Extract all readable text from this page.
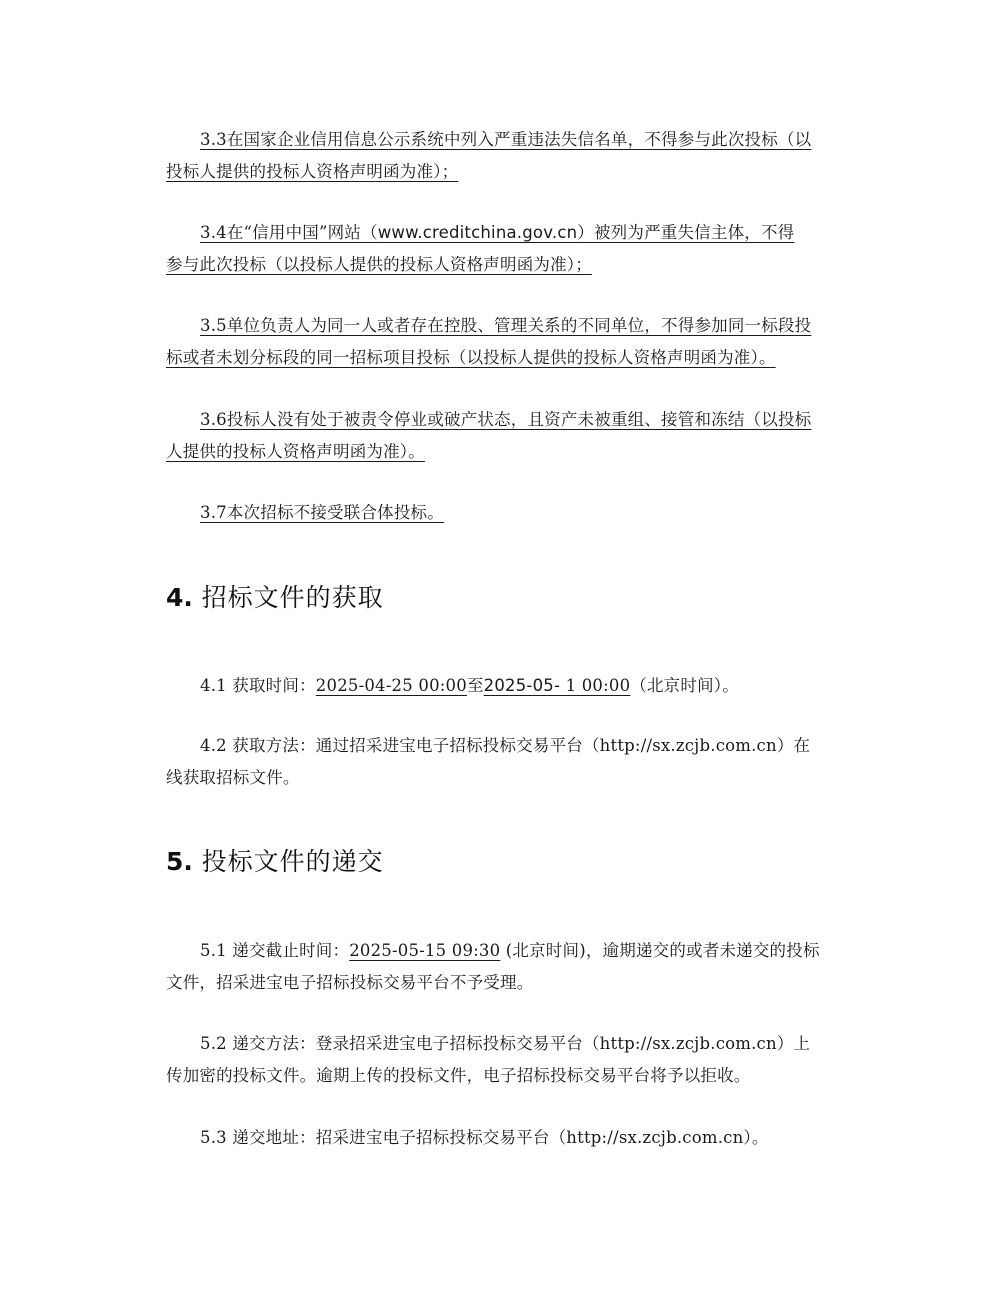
3.3在国家企业信用信息公示系统中列入严重违法失信名单，不得参与此次投标（以
投标人提供的投标人资格声明函为准）；

3.4在“信用中国”网站（www.creditchina.gov.cn）被列为严重失信主体，不得
参与此次投标（以投标人提供的投标人资格声明函为准）；

3.5单位负责人为同一人或者存在控股、管理关系的不同单位，不得参加同一标段投
标或者未划分标段的同一招标项目投标（以投标人提供的投标人资格声明函为准）。

3.6投标人没有处于被责令停业或破产状态，且资产未被重组、接管和冻结（以投标
人提供的投标人资格声明函为准）。

3.7本次招标不接受联合体投标。

4. 招标文件的获取

4.1 获取时间：2025-04-25 00:00至2025-05- 1 00:00（北京时间）。

4.2 获取方法：通过招采进宝电子招标投标交易平台（http://sx.zcjb.com.cn）在
线获取招标文件。

5. 投标文件的递交

5.1 递交截止时间：2025-05-15 09:30 (北京时间)，逾期递交的或者未递交的投标
文件，招采进宝电子招标投标交易平台不予受理。

5.2 递交方法：登录招采进宝电子招标投标交易平台（http://sx.zcjb.com.cn）上
传加密的投标文件。逾期上传的投标文件，电子招标投标交易平台将予以拒收。

5.3 递交地址：招采进宝电子招标投标交易平台（http://sx.zcjb.com.cn）。
